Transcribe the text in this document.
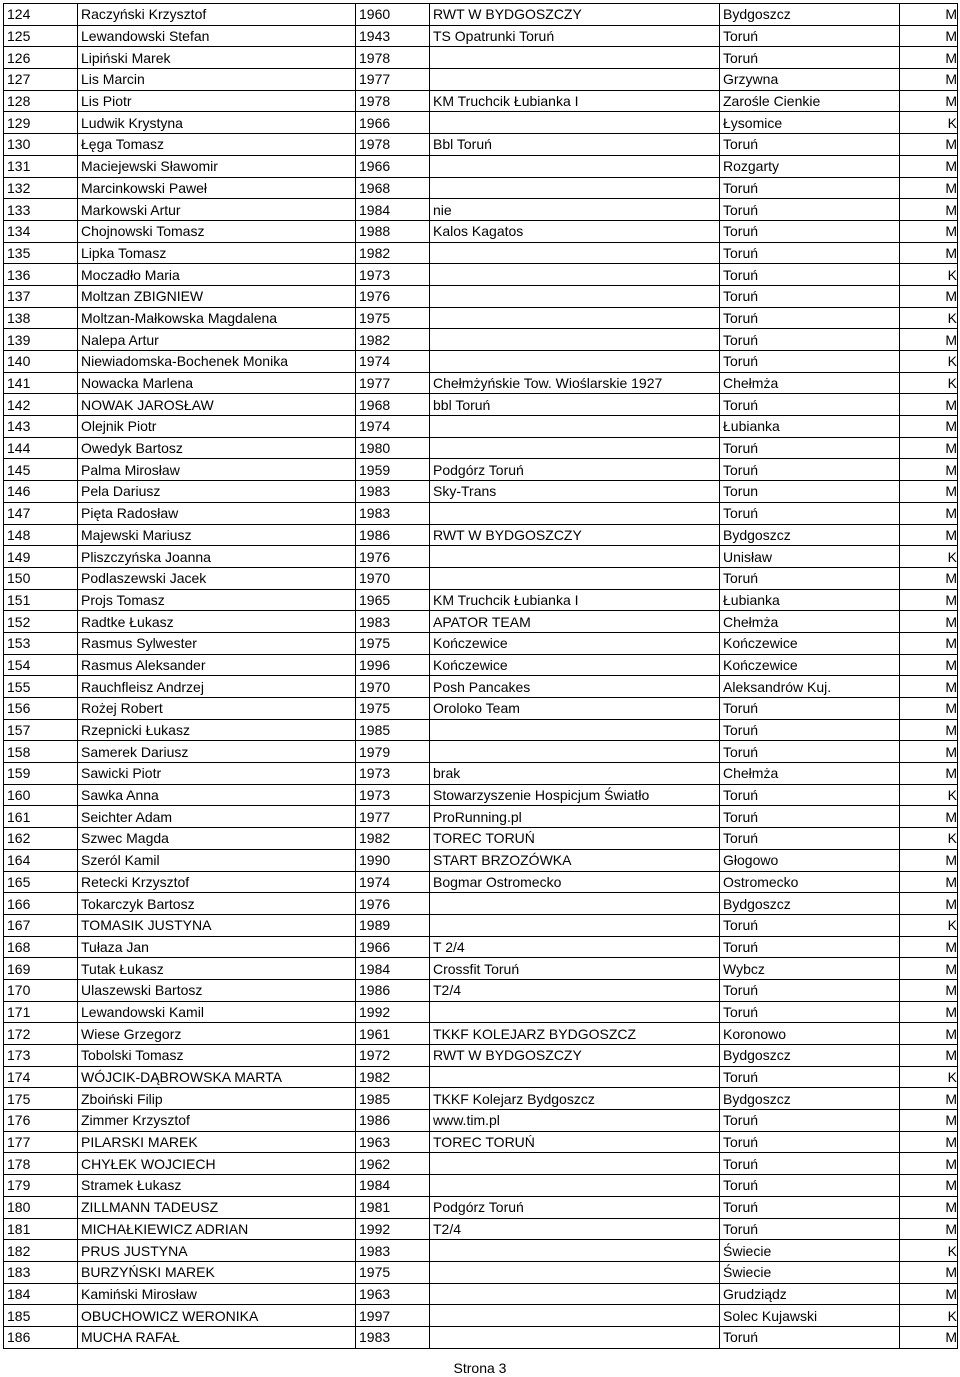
124	Raczyński Krzysztof	1960	RWT W BYDGOSZCZY	Bydgoszcz	M
125	Lewandowski Stefan	1943	TS Opatrunki Toruń	Toruń	M
126	Lipiński Marek	1978		Toruń	M
127	Lis Marcin	1977		Grzywna	M
128	Lis Piotr	1978	KM Truchcik Łubianka I	Zarośle Cienkie	M
129	Ludwik Krystyna	1966		Łysomice	K
130	Łęga Tomasz	1978	Bbl Toruń	Toruń	M
131	Maciejewski Sławomir	1966		Rozgarty	M
132	Marcinkowski Paweł	1968		Toruń	M
133	Markowski Artur	1984	nie	Toruń	M
134	Chojnowski Tomasz	1988	Kalos Kagatos	Toruń	M
135	Lipka Tomasz	1982		Toruń	M
136	Moczadło Maria	1973		Toruń	K
137	Moltzan ZBIGNIEW	1976		Toruń	M
138	Moltzan-Małkowska Magdalena	1975		Toruń	K
139	Nalepa Artur	1982		Toruń	M
140	Niewiadomska-Bochenek Monika	1974		Toruń	K
141	Nowacka Marlena	1977	Chełmżyńskie Tow. Wioślarskie 1927	Chełmża	K
142	NOWAK JAROSŁAW	1968	bbl Toruń	Toruń	M
143	Olejnik Piotr	1974		Łubianka	M
144	Owedyk Bartosz	1980		Toruń	M
145	Palma Mirosław	1959	Podgórz Toruń	Toruń	M
146	Pela Dariusz	1983	Sky-Trans	Torun	M
147	Pięta Radosław	1983		Toruń	M
148	Majewski Mariusz	1986	RWT W BYDGOSZCZY	Bydgoszcz	M
149	Pliszczyńska Joanna	1976		Unisław	K
150	Podlaszewski Jacek	1970		Toruń	M
151	Projs Tomasz	1965	KM Truchcik Łubianka I	Łubianka	M
152	Radtke Łukasz	1983	APATOR TEAM	Chełmża	M
153	Rasmus Sylwester	1975	Kończewice	Kończewice	M
154	Rasmus Aleksander	1996	Kończewice	Kończewice	M
155	Rauchfleisz Andrzej	1970	Posh Pancakes	Aleksandrów Kuj.	M
156	Rożej Robert	1975	Oroloko Team	Toruń	M
157	Rzepnicki Łukasz	1985		Toruń	M
158	Samerek Dariusz	1979		Toruń	M
159	Sawicki Piotr	1973	brak	Chełmża	M
160	Sawka Anna	1973	Stowarzyszenie Hospicjum Światło	Toruń	K
161	Seichter Adam	1977	ProRunning.pl	Toruń	M
162	Szwec Magda	1982	TOREC TORUŃ	Toruń	K
164	Szeról Kamil	1990	START BRZOZÓWKA	Głogowo	M
165	Retecki Krzysztof	1974	Bogmar Ostromecko	Ostromecko	M
166	Tokarczyk Bartosz	1976		Bydgoszcz	M
167	TOMASIK JUSTYNA	1989		Toruń	K
168	Tułaza Jan	1966	T 2/4	Toruń	M
169	Tutak Łukasz	1984	Crossfit Toruń	Wybcz	M
170	Ulaszewski Bartosz	1986	T2/4	Toruń	M
171	Lewandowski Kamil	1992		Toruń	M
172	Wiese Grzegorz	1961	TKKF KOLEJARZ BYDGOSZCZ	Koronowo	M
173	Tobolski Tomasz	1972	RWT W BYDGOSZCZY	Bydgoszcz	M
174	WÓJCIK-DĄBROWSKA MARTA	1982		Toruń	K
175	Zboiński Filip	1985	TKKF Kolejarz Bydgoszcz	Bydgoszcz	M
176	Zimmer Krzysztof	1986	www.tim.pl	Toruń	M
177	PILARSKI MAREK	1963	TOREC TORUŃ	Toruń	M
178	CHYŁEK WOJCIECH	1962		Toruń	M
179	Stramek Łukasz	1984		Toruń	M
180	ZILLMANN TADEUSZ	1981	Podgórz Toruń	Toruń	M
181	MICHAŁKIEWICZ ADRIAN	1992	T2/4	Toruń	M
182	PRUS JUSTYNA	1983		Świecie	K
183	BURZYŃSKI MAREK	1975		Świecie	M
184	Kamiński Mirosław	1963		Grudziądz	M
185	OBUCHOWICZ WERONIKA	1997		Solec Kujawski	K
186	MUCHA RAFAŁ	1983		Toruń	M
Strona 3
